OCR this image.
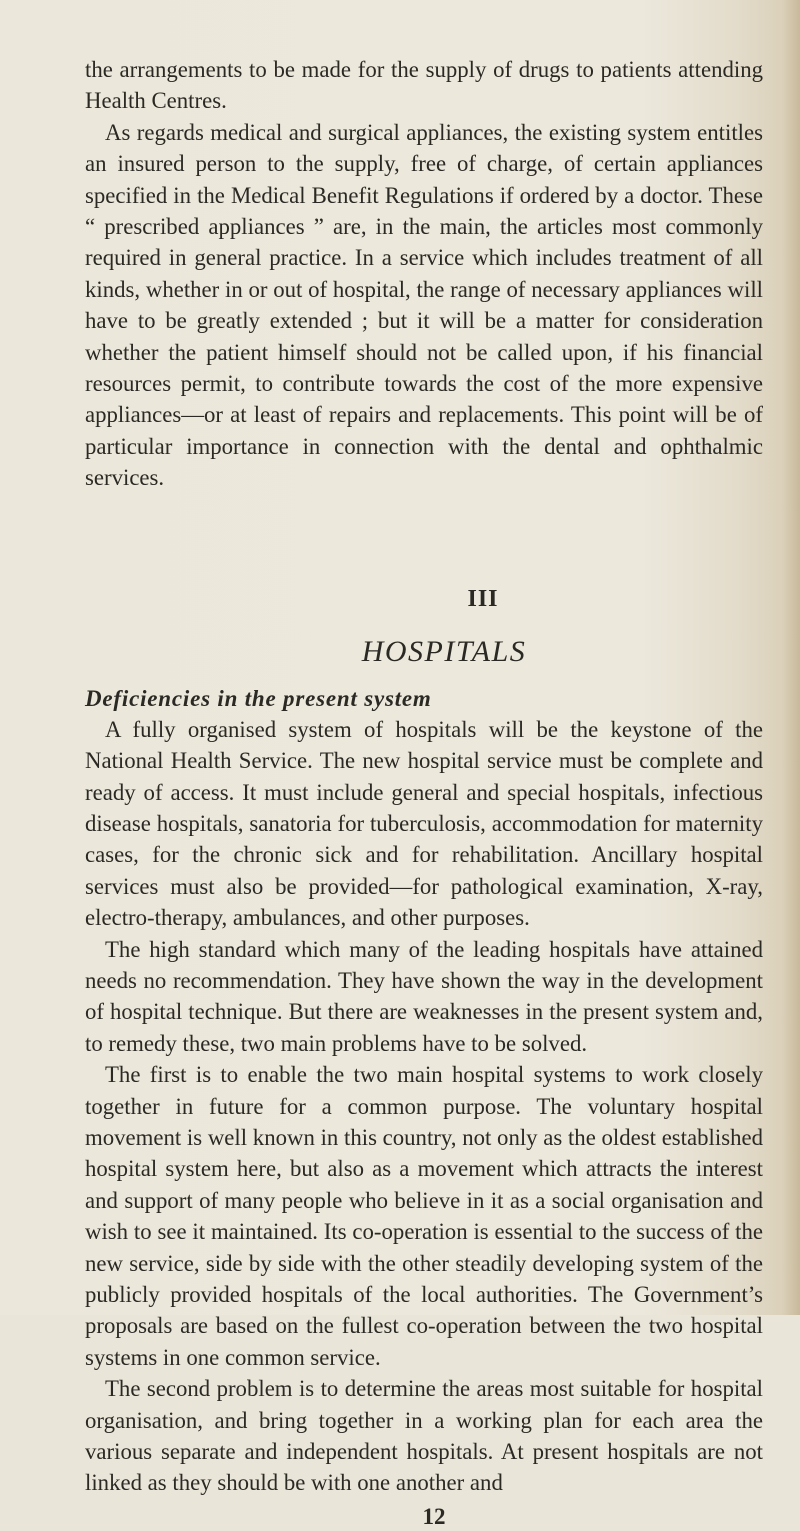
the arrangements to be made for the supply of drugs to patients attending Health Centres.

As regards medical and surgical appliances, the existing system entitles an insured person to the supply, free of charge, of certain appliances specified in the Medical Benefit Regulations if ordered by a doctor. These “ prescribed appliances ” are, in the main, the articles most commonly required in general practice. In a service which includes treatment of all kinds, whether in or out of hospital, the range of necessary appliances will have to be greatly extended ; but it will be a matter for consideration whether the patient himself should not be called upon, if his financial resources permit, to contribute towards the cost of the more expensive appliances—or at least of repairs and replacements. This point will be of particular importance in connection with the dental and ophthalmic services.

III
HOSPITALS
Deficiencies in the present system

A fully organised system of hospitals will be the keystone of the National Health Service. The new hospital service must be complete and ready of access. It must include general and special hospitals, infectious disease hospitals, sanatoria for tuberculosis, accommodation for maternity cases, for the chronic sick and for rehabilitation. Ancillary hospital services must also be provided—for pathological examination, X-ray, electro-therapy, ambulances, and other purposes.

The high standard which many of the leading hospitals have attained needs no recommendation. They have shown the way in the development of hospital technique. But there are weaknesses in the present system and, to remedy these, two main problems have to be solved.

The first is to enable the two main hospital systems to work closely together in future for a common purpose. The voluntary hospital movement is well known in this country, not only as the oldest established hospital system here, but also as a movement which attracts the interest and support of many people who believe in it as a social organisation and wish to see it maintained. Its co-operation is essential to the success of the new service, side by side with the other steadily developing system of the publicly provided hospitals of the local authorities. The Government’s proposals are based on the fullest co-operation between the two hospital systems in one common service.

The second problem is to determine the areas most suitable for hospital organisation, and bring together in a working plan for each area the various separate and independent hospitals. At present hospitals are not linked as they should be with one another and

12
